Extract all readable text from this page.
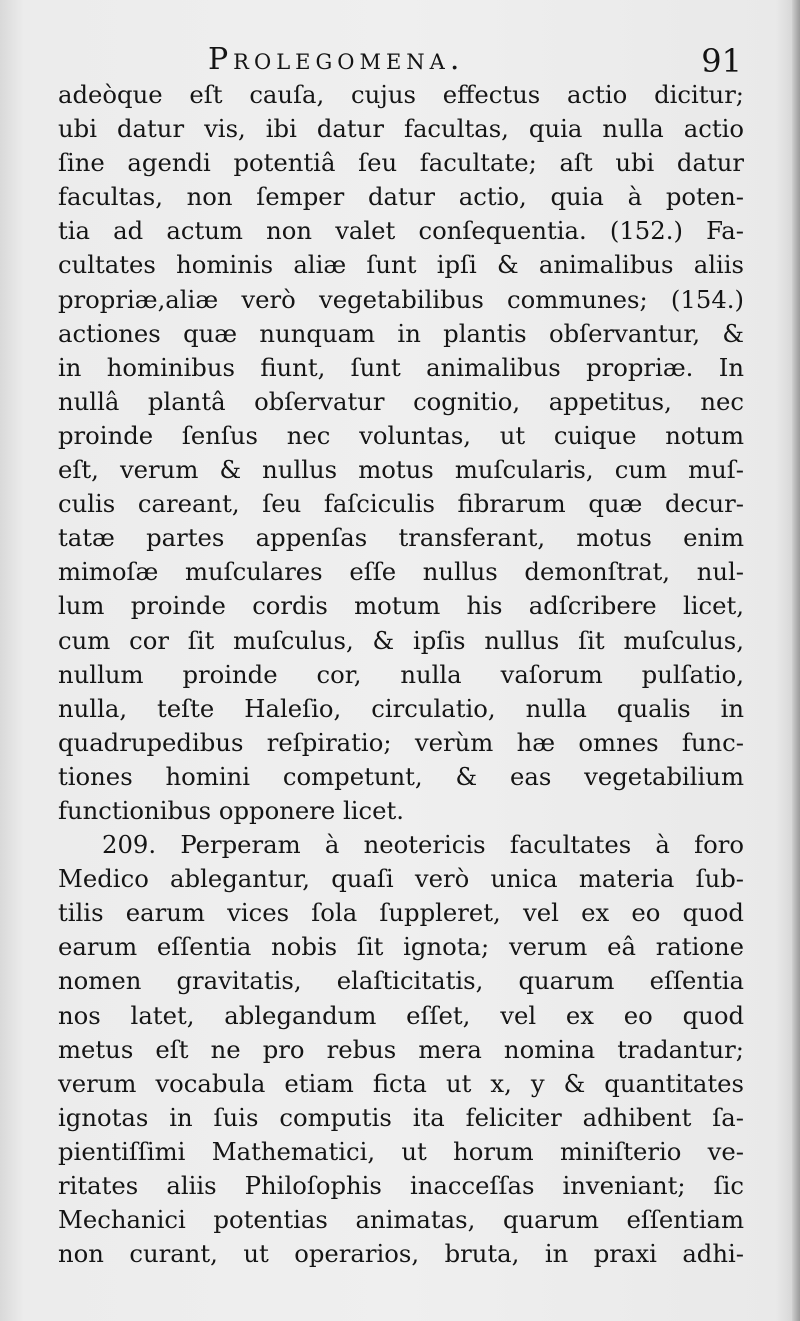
Prolegomena.	91
adeòque eſt cauſa, cujus effectus actio dicitur;
ubi datur vis, ibi datur facultas, quia nulla actio
ſine agendi potentiâ ſeu facultate; aſt ubi datur
facultas, non ſemper datur actio, quia à poten-
tia ad actum non valet conſequentia. (152.) Fa-
cultates hominis aliæ ſunt ipſi & animalibus aliis
propriæ,aliæ verò vegetabilibus communes; (154.)
actiones quæ nunquam in plantis obſervantur, &
in hominibus fiunt, ſunt animalibus propriæ. In
nullâ plantâ obſervatur cognitio, appetitus, nec
proinde ſenſus nec voluntas, ut cuique notum
eſt, verum & nullus motus muſcularis, cum muſ-
culis careant, ſeu faſciculis fibrarum quæ decur-
tatæ partes appenſas transferant, motus enim
mimoſæ muſculares eſſe nullus demonſtrat, nul-
lum proinde cordis motum his adſcribere licet,
cum cor ſit muſculus, & ipſis nullus ſit muſculus,
nullum proinde cor, nulla vaſorum pulſatio,
nulla, teſte Haleſio, circulatio, nulla qualis in
quadrupedibus reſpiratio; verùm hæ omnes func-
tiones homini competunt, & eas vegetabilium
functionibus opponere licet.
209. Perperam à neotericis facultates à foro
Medico ablegantur, quaſi verò unica materia ſub-
tilis earum vices ſola ſuppleret, vel ex eo quod
earum eſſentia nobis ſit ignota; verum eâ ratione
nomen gravitatis, elaſticitatis, quarum eſſentia
nos latet, ablegandum eſſet, vel ex eo quod
metus eſt ne pro rebus mera nomina tradantur;
verum vocabula etiam ficta ut x, y & quantitates
ignotas in ſuis computis ita feliciter adhibent ſa-
pientiſſimi Mathematici, ut horum miniſterio ve-
ritates aliis Philoſophis inacceſſas inveniant; ſic
Mechanici potentias animatas, quarum eſſentiam
non curant, ut operarios, bruta, in praxi adhi-
